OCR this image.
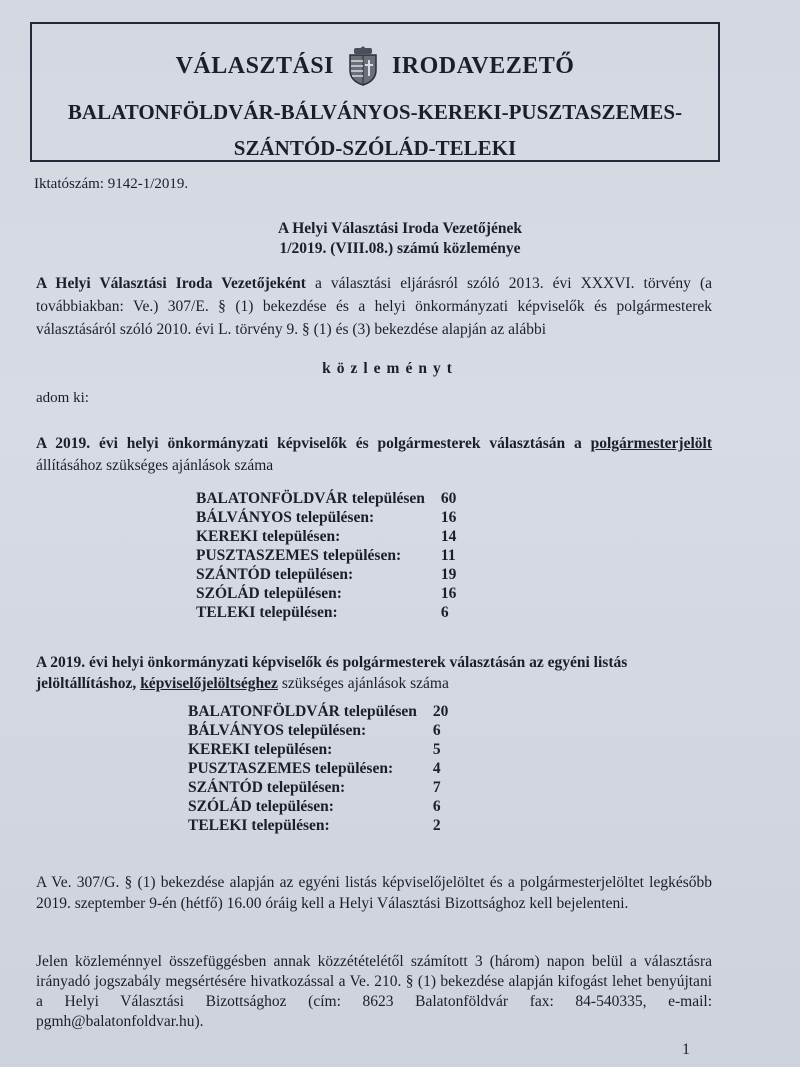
VÁLASZTÁSI IRODAVEZETŐ
BALATONFÖLDVÁR-BÁLVÁNYOS-KEREKI-PUSZTASZEMES-
SZÁNTÓD-SZÓLÁD-TELEKI
Iktatószám: 9142-1/2019.
A Helyi Választási Iroda Vezetőjének
1/2019. (VIII.08.) számú közleménye
A Helyi Választási Iroda Vezetőjeként a választási eljárásról szóló 2013. évi XXXVI. törvény (a továbbiakban: Ve.) 307/E. § (1) bekezdése és a helyi önkormányzati képviselők és polgármesterek választásáról szóló 2010. évi L. törvény 9. § (1) és (3) bekezdése alapján az alábbi
közleményt
adom ki:
A 2019. évi helyi önkormányzati képviselők és polgármesterek választásán a polgármesterjelölt állításához szükséges ajánlások száma
BALATONFÖLDVÁR településen	60
BÁLVÁNYOS településen:	16
KEREKI településen:	14
PUSZTASZEMES településen:	11
SZÁNTÓD településen:	19
SZÓLÁD településen:	16
TELEKI településen:	6
A 2019. évi helyi önkormányzati képviselők és polgármesterek választásán az egyéni listás jelöltállításhoz, képviselőjelöltséghez szükséges ajánlások száma
BALATONFÖLDVÁR településen	20
BÁLVÁNYOS településen:	6
KEREKI településen:	5
PUSZTASZEMES településen:	4
SZÁNTÓD településen:	7
SZÓLÁD településen:	6
TELEKI településen:	2
A Ve. 307/G. § (1) bekezdése alapján az egyéni listás képviselőjelöltet és a polgármesterjelöltet legkésőbb 2019. szeptember 9-én (hétfő) 16.00 óráig kell a Helyi Választási Bizottsághoz kell bejelenteni.
Jelen közleménnyel összefüggésben annak közzétételétől számított 3 (három) napon belül a választásra irányadó jogszabály megsértésére hivatkozással a Ve. 210. § (1) bekezdése alapján kifogást lehet benyújtani a Helyi Választási Bizottsághoz (cím: 8623 Balatonföldvár fax: 84-540335, e-mail: pgmh@balatonfoldvar.hu).
1
